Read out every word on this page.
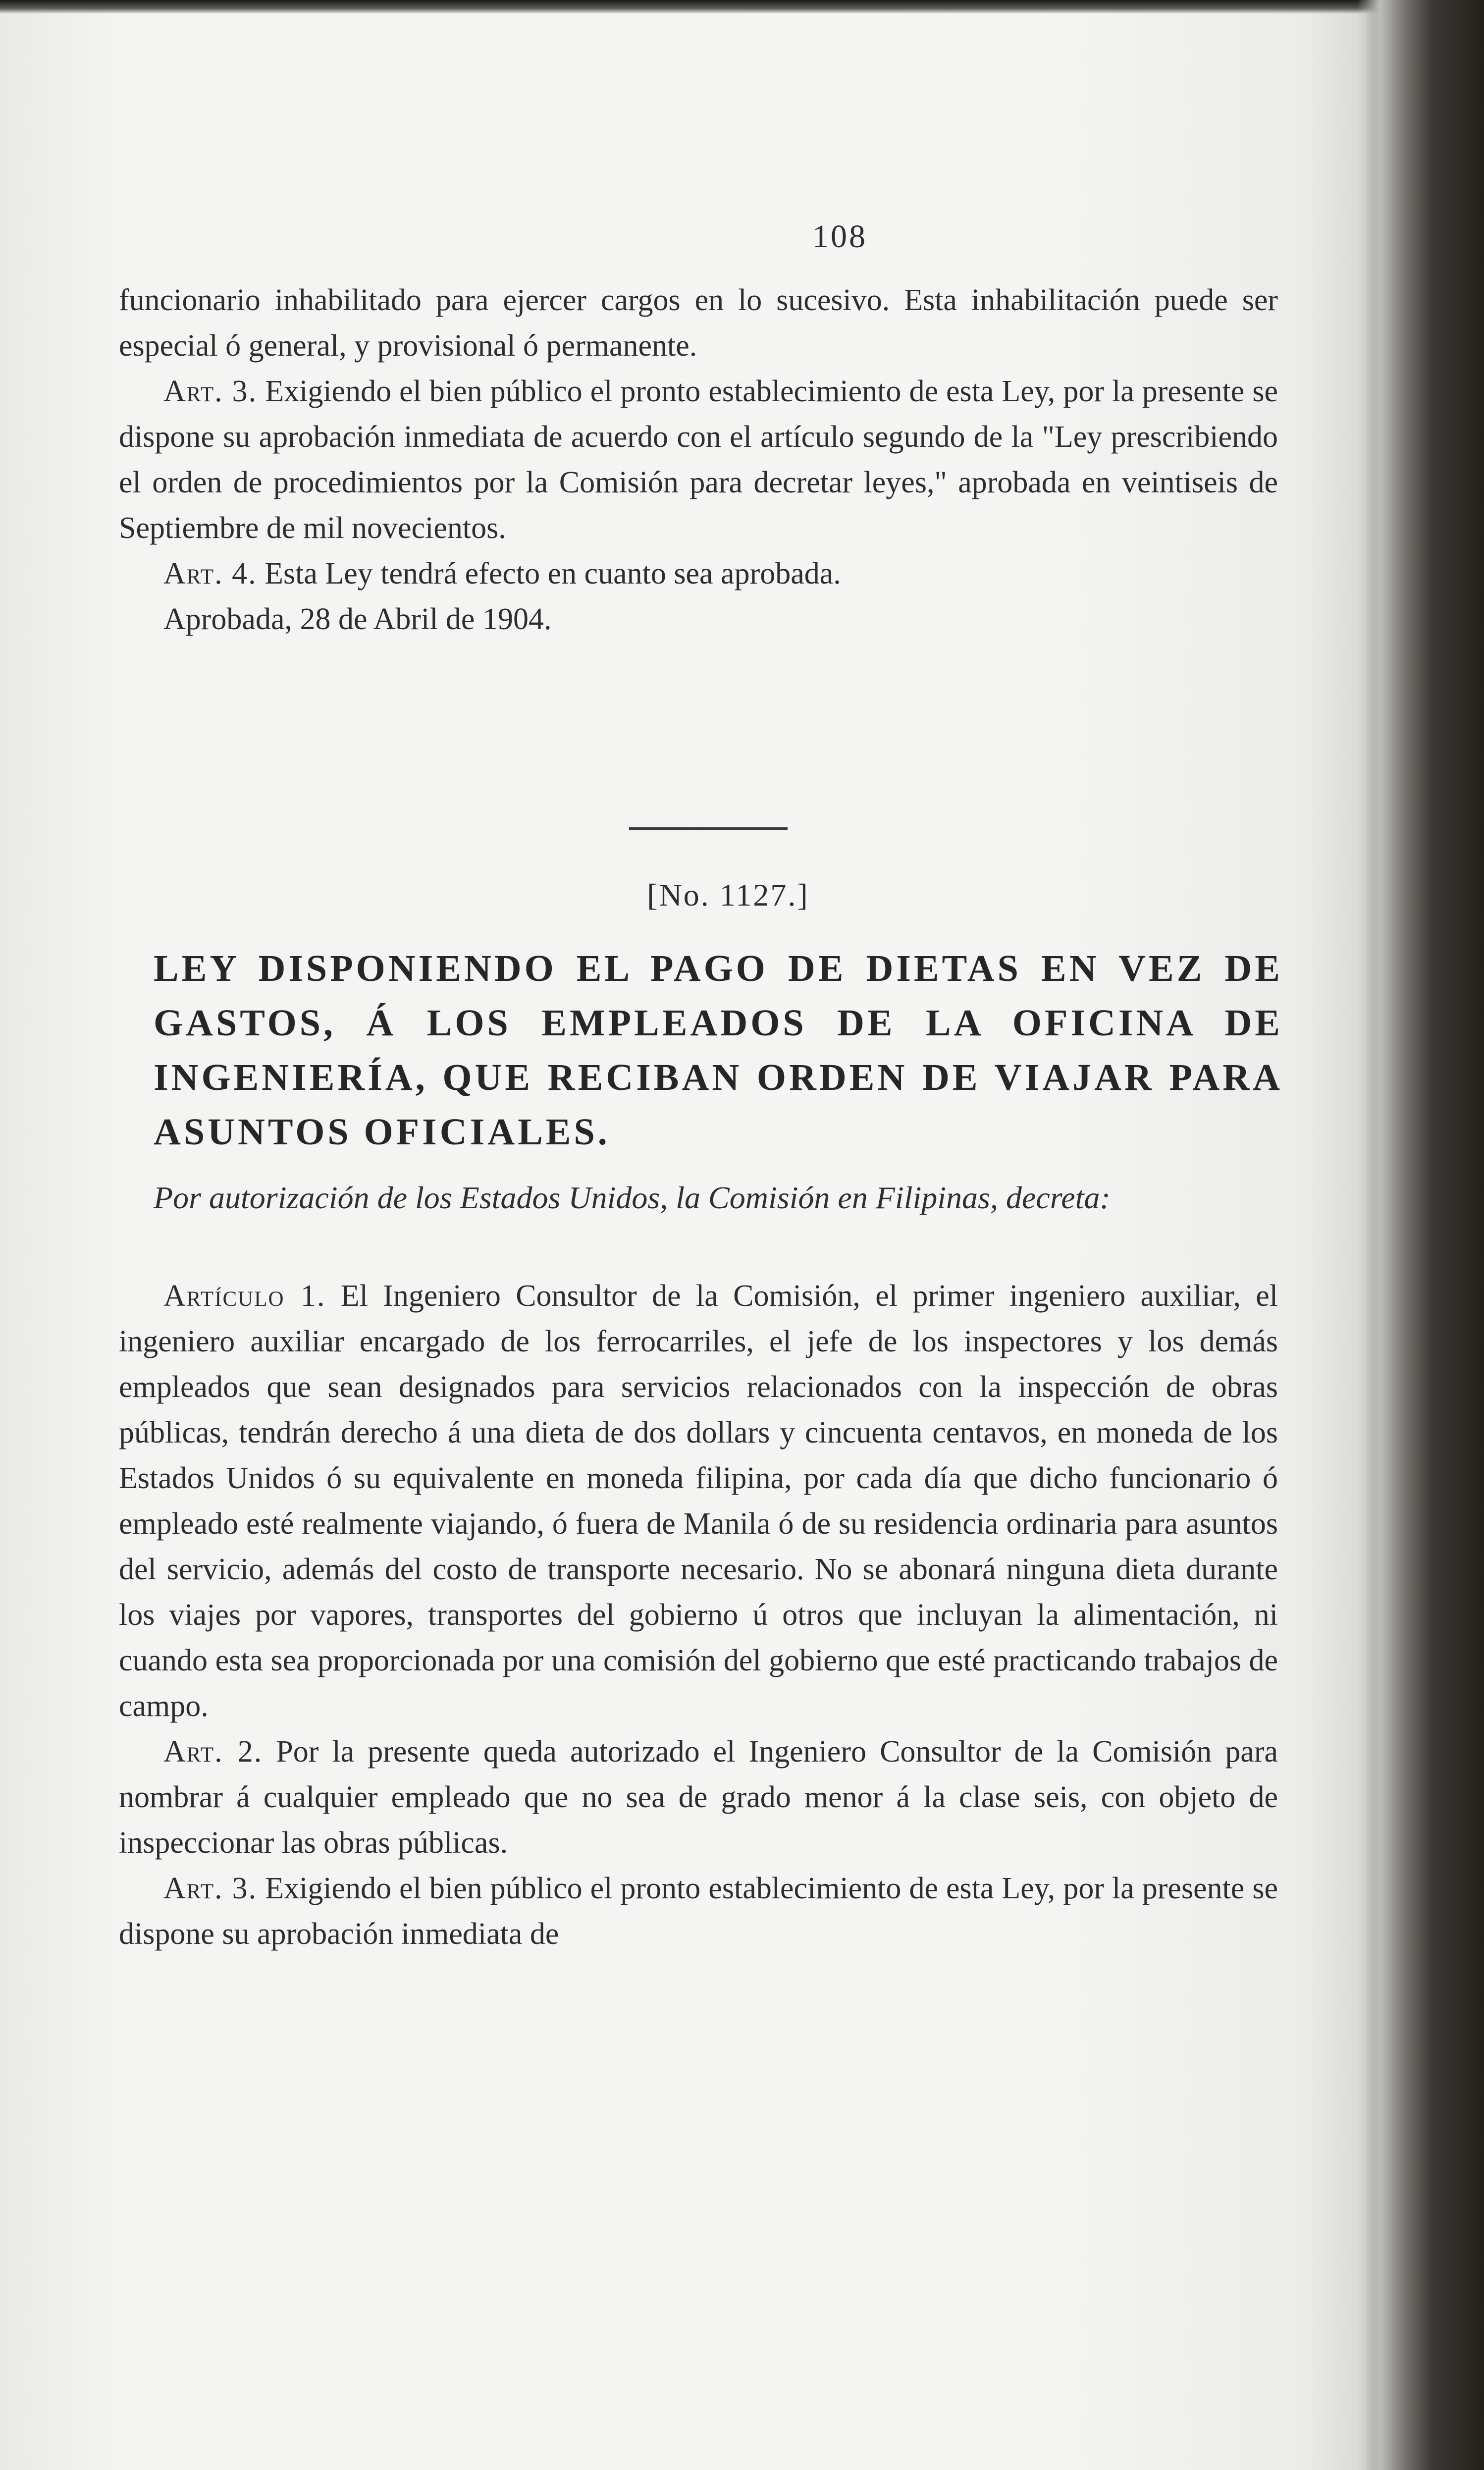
108

funcionario inhabilitado para ejercer cargos en lo sucesivo. Esta inhabilitación puede ser especial ó general, y provisional ó permanente.

Art. 3. Exigiendo el bien público el pronto establecimiento de esta Ley, por la presente se dispone su aprobación inmediata de acuerdo con el artículo segundo de la "Ley prescribiendo el orden de procedimientos por la Comisión para decretar leyes," aprobada en veintiseis de Septiembre de mil novecientos.

Art. 4. Esta Ley tendrá efecto en cuanto sea aprobada.

Aprobada, 28 de Abril de 1904.

[No. 1127.]

LEY DISPONIENDO EL PAGO DE DIETAS EN VEZ DE GASTOS, Á LOS EMPLEADOS DE LA OFICINA DE INGENIERÍA, QUE RECIBAN ORDEN DE VIAJAR PARA ASUNTOS OFICIALES.

Por autorización de los Estados Unidos, la Comisión en Filipinas, decreta:

Artículo 1. El Ingeniero Consultor de la Comisión, el primer ingeniero auxiliar, el ingeniero auxiliar encargado de los ferrocarriles, el jefe de los inspectores y los demás empleados que sean designados para servicios relacionados con la inspección de obras públicas, tendrán derecho á una dieta de dos dollars y cincuenta centavos, en moneda de los Estados Unidos ó su equivalente en moneda filipina, por cada día que dicho funcionario ó empleado esté realmente viajando, ó fuera de Manila ó de su residencia ordinaria para asuntos del servicio, además del costo de transporte necesario. No se abonará ninguna dieta durante los viajes por vapores, transportes del gobierno ú otros que incluyan la alimentación, ni cuando esta sea proporcionada por una comisión del gobierno que esté practicando trabajos de campo.

Art. 2. Por la presente queda autorizado el Ingeniero Consultor de la Comisión para nombrar á cualquier empleado que no sea de grado menor á la clase seis, con objeto de inspeccionar las obras públicas.

Art. 3. Exigiendo el bien público el pronto establecimiento de esta Ley, por la presente se dispone su aprobación inmediata de
